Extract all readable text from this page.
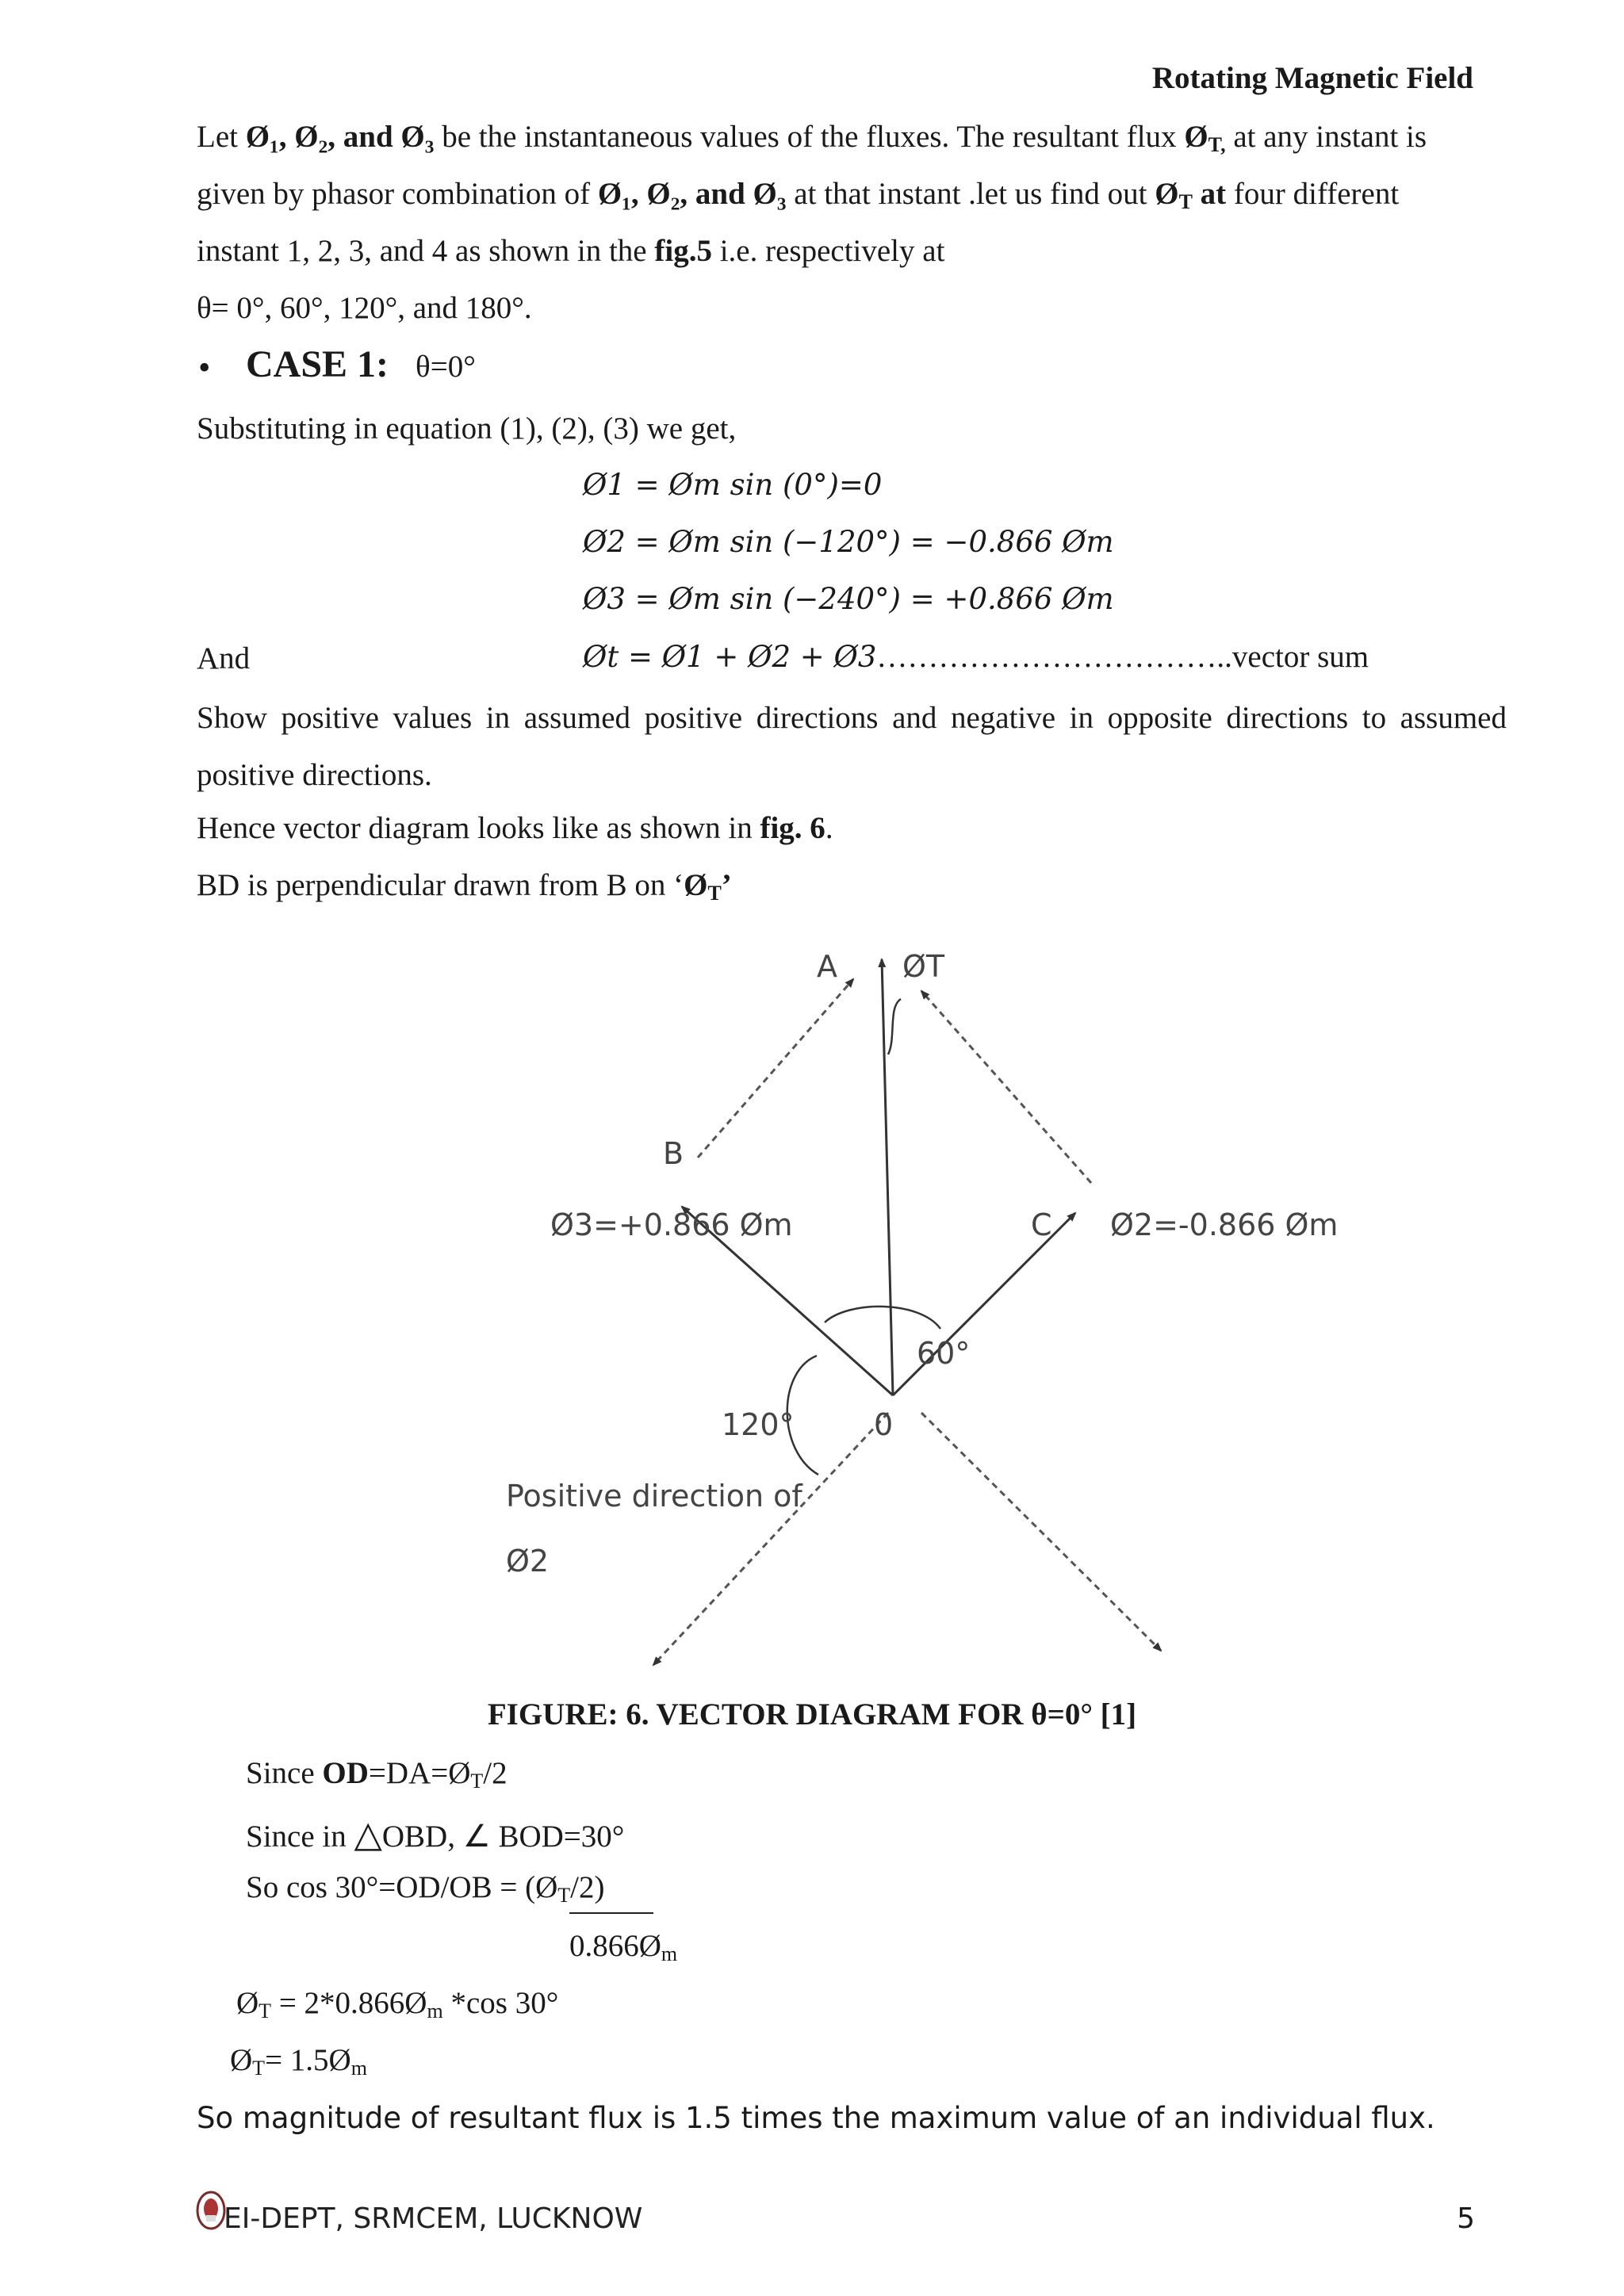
Rotating Magnetic Field
Let Ø₁, Ø₂, and Ø₃ be the instantaneous values of the fluxes. The resultant flux $Ø_{T,}$ at any instant is
given by phasor combination of Ø₁, Ø₂, and Ø₃ at that instant .let us find out $Ø_T$ at four different
instant 1, 2, 3, and 4 as shown in the fig.5 i.e. respectively at
θ= 0°, 60°, 120°, and 180°.
• CASE 1: θ=0°
Substituting in equation (1), (2), (3) we get,
Ø1 = Øm sin (0°)=0
Ø2 = Øm sin (−120°) = −0.866 Øm
Ø3 = Øm sin (−240°) = +0.866 Øm
And	Øt = Ø1 + Ø2 + Ø3……………………………..vector sum
Show positive values in assumed positive directions and negative in opposite directions to assumed positive directions.
Hence vector diagram looks like as shown in fig. 6.
BD is perpendicular drawn from B on ‘$Ø_T$’
A ØT
B
C
Ø3=+0.866 Øm	Ø2=-0.866 Øm
60°
120°	0
Positive direction of
Ø2
FIGURE: 6. VECTOR DIAGRAM FOR θ=0° [1]
Since $OD=DA=Ø_T/2$
Since in △OBD, ∠ BOD=30°
So $\cos 30^\circ=OD/OB = (Ø_T/2)$
$0.866Ø_m$
$Ø_T$ = $2*0.866Ø_m$ *cos 30°
$Ø_T=$ $1.5Ø_m$
So magnitude of resultant flux is 1.5 times the maximum value of an individual flux.
EI-DEPT, SRMCEM, LUCKNOW	5
